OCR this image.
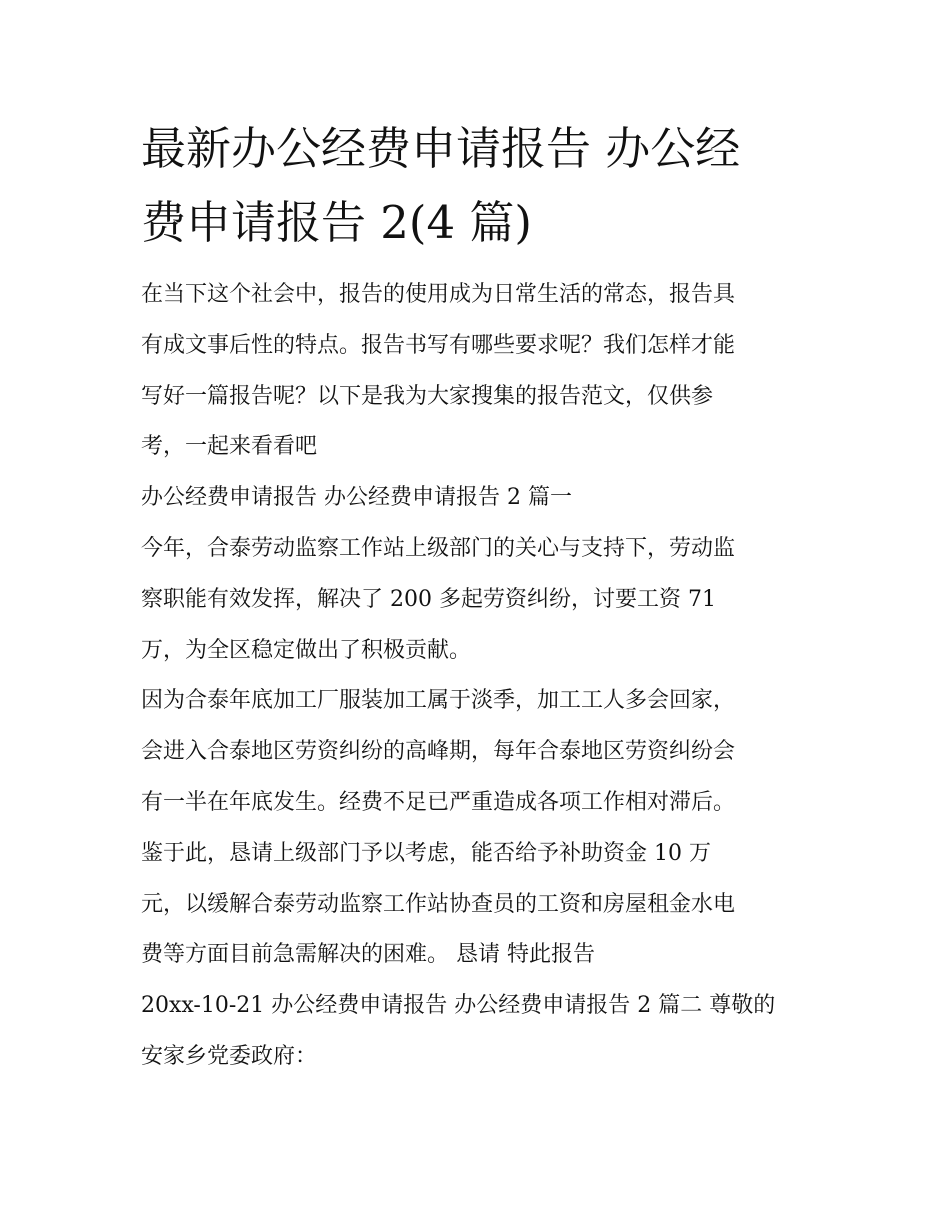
最新办公经费申请报告 办公经
费申请报告 2(4 篇)
在当下这个社会中，报告的使用成为日常生活的常态，报告具
有成文事后性的特点。报告书写有哪些要求呢？我们怎样才能
写好一篇报告呢？以下是我为大家搜集的报告范文，仅供参
考，一起来看看吧
办公经费申请报告 办公经费申请报告 2 篇一
今年，合泰劳动监察工作站上级部门的关心与支持下，劳动监
察职能有效发挥，解决了 200 多起劳资纠纷，讨要工资 71
万，为全区稳定做出了积极贡献。
因为合泰年底加工厂服装加工属于淡季，加工工人多会回家，
会进入合泰地区劳资纠纷的高峰期，每年合泰地区劳资纠纷会
有一半在年底发生。经费不足已严重造成各项工作相对滞后。
鉴于此，恳请上级部门予以考虑，能否给予补助资金 10 万
元，以缓解合泰劳动监察工作站协查员的工资和房屋租金水电
费等方面目前急需解决的困难。 恳请 特此报告
20xx-10-21 办公经费申请报告 办公经费申请报告 2 篇二 尊敬的
安家乡党委政府：
